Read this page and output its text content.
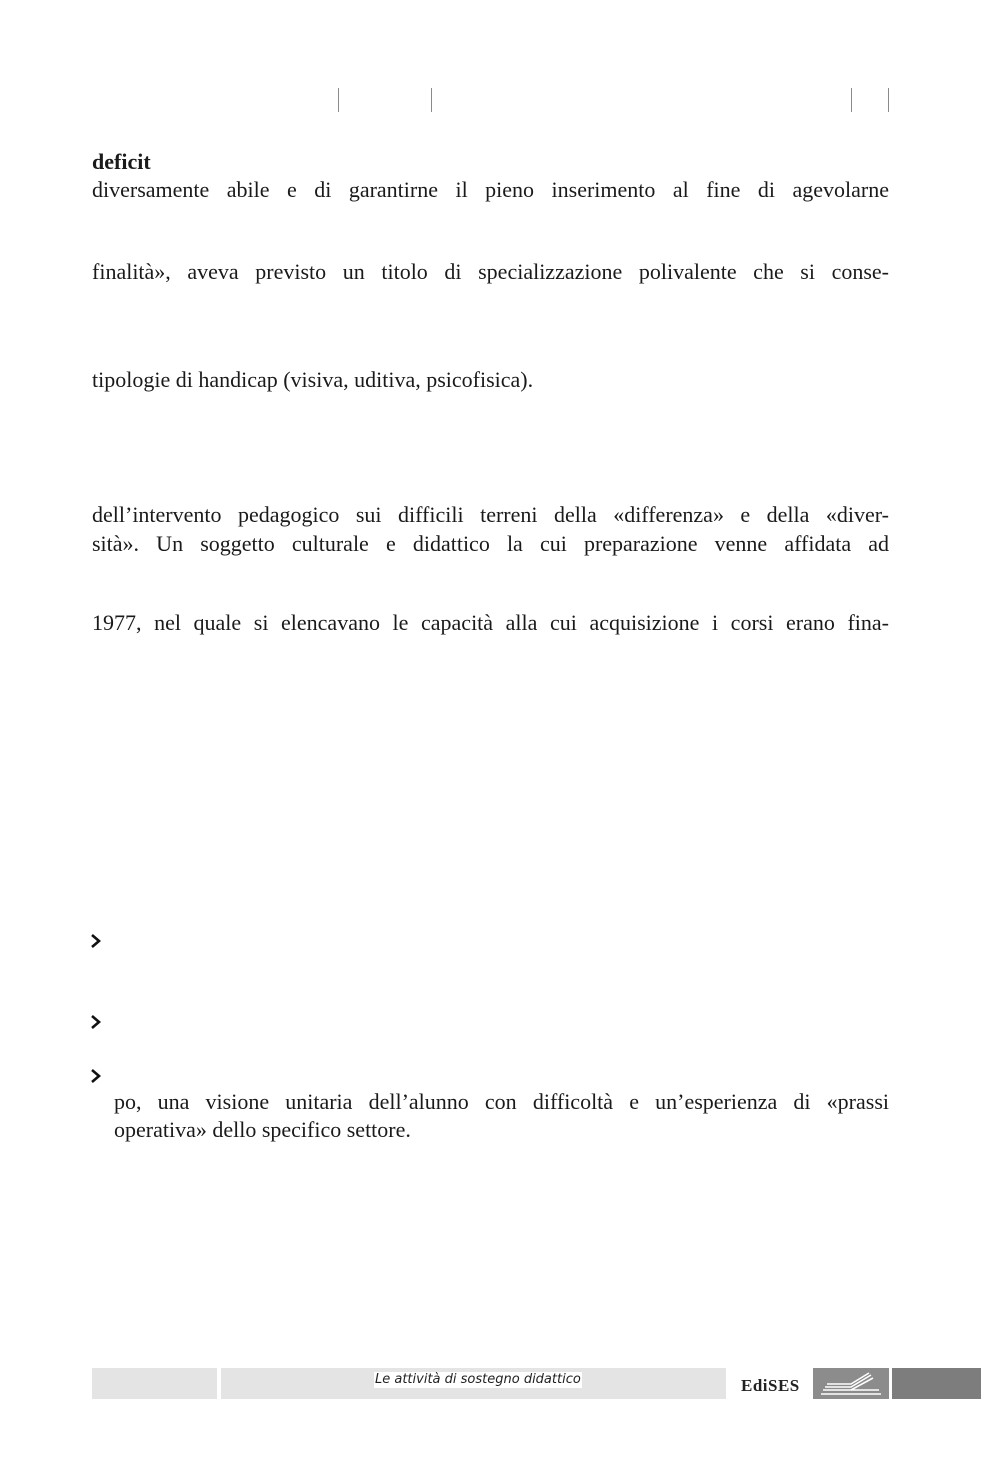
deficit
diversamente abile e di garantirne il pieno inserimento al fine di agevolarne
finalità», aveva previsto un titolo di specializzazione polivalente che si conse-
tipologie di handicap (visiva, uditiva, psicofisica).
dell’intervento pedagogico sui difficili terreni della «differenza» e della «diver-
sità». Un soggetto culturale e didattico la cui preparazione venne affidata ad
1977, nel quale si elencavano le capacità alla cui acquisizione i corsi erano fina-
po, una visione unitaria dell’alunno con difficoltà e un’esperienza di «prassi
operativa» dello specifico settore.
Le attività di sostegno didattico	EdiSES
